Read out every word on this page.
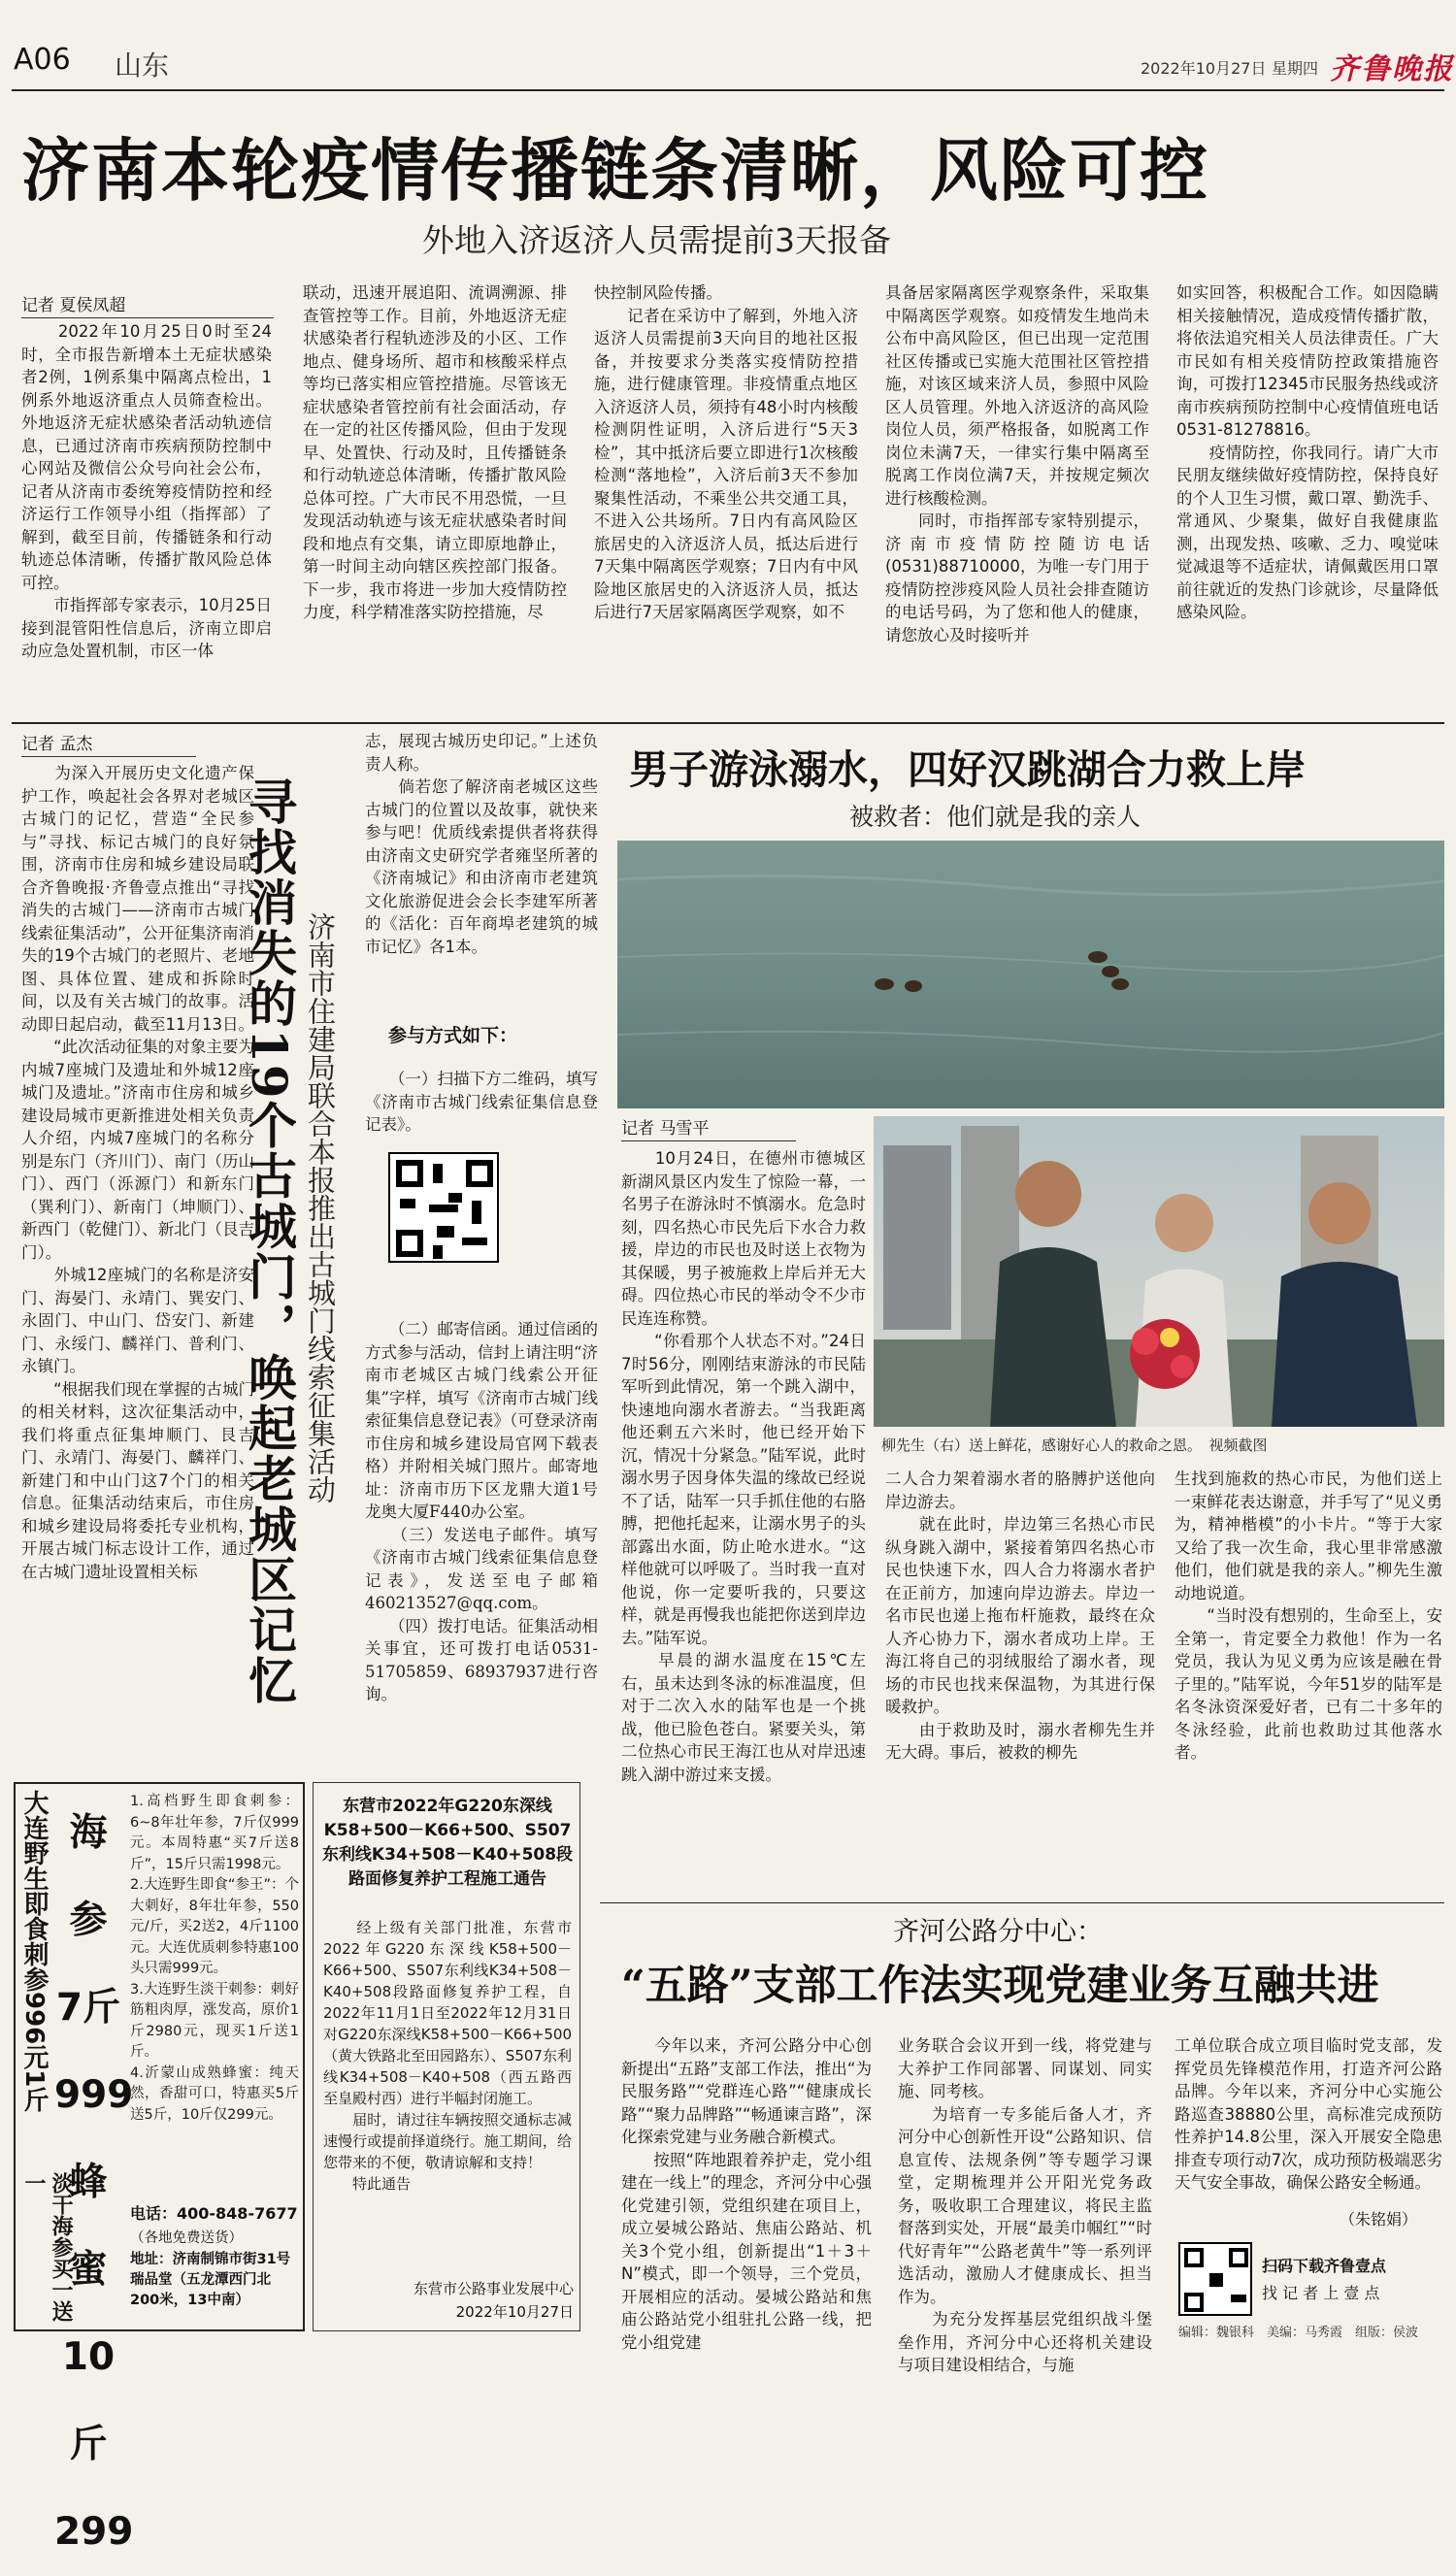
A06 山东	2022年10月27日 星期四 齐鲁晚报
济南本轮疫情传播链条清晰，风险可控
外地入济返济人员需提前3天报备
记者 夏侯凤超
　　2022年10月25日0时至24时，全市报告新增本土无症状感染者2例，1例系集中隔离点检出，1例系外地返济重点人员筛查检出。外地返济无症状感染者活动轨迹信息，已通过济南市疾病预防控制中心网站及微信公众号向社会公布，记者从济南市委统筹疫情防控和经济运行工作领导小组（指挥部）了解到，截至目前，传播链条和行动轨迹总体清晰，传播扩散风险总体可控。
　　市指挥部专家表示，10月25日接到混管阳性信息后，济南立即启动应急处置机制，市区一体
联动，迅速开展追阳、流调溯源、排查管控等工作。目前，外地返济无症状感染者行程轨迹涉及的小区、工作地点、健身场所、超市和核酸采样点等均已落实相应管控措施。尽管该无症状感染者管控前有社会面活动，存在一定的社区传播风险，但由于发现早、处置快、行动及时，且传播链条和行动轨迹总体清晰，传播扩散风险总体可控。广大市民不用恐慌，一旦发现活动轨迹与该无症状感染者时间段和地点有交集，请立即原地静止，第一时间主动向辖区疾控部门报备。下一步，我市将进一步加大疫情防控力度，科学精准落实防控措施，尽
快控制风险传播。
　　记者在采访中了解到，外地入济返济人员需提前3天向目的地社区报备，并按要求分类落实疫情防控措施，进行健康管理。非疫情重点地区入济返济人员，须持有48小时内核酸检测阴性证明，入济后进行“5天3检”，其中抵济后要立即进行1次核酸检测“落地检”，入济后前3天不参加聚集性活动，不乘坐公共交通工具，不进入公共场所。7日内有高风险区旅居史的入济返济人员，抵达后进行7天集中隔离医学观察；7日内有中风险地区旅居史的入济返济人员，抵达后进行7天居家隔离医学观察，如不
具备居家隔离医学观察条件，采取集中隔离医学观察。如疫情发生地尚未公布中高风险区，但已出现一定范围社区传播或已实施大范围社区管控措施，对该区域来济人员，参照中风险区人员管理。外地入济返济的高风险岗位人员，须严格报备，如脱离工作岗位未满7天，一律实行集中隔离至脱离工作岗位满7天，并按规定频次进行核酸检测。
　　同时，市指挥部专家特别提示，济南市疫情防控随访电话(0531)88710000，为唯一专门用于疫情防控涉疫风险人员社会排查随访的电话号码，为了您和他人的健康，请您放心及时接听并
如实回答，积极配合工作。如因隐瞒相关接触情况，造成疫情传播扩散，将依法追究相关人员法律责任。广大市民如有相关疫情防控政策措施咨询，可拨打12345市民服务热线或济南市疾病预防控制中心疫情值班电话0531-81278816。
　　疫情防控，你我同行。请广大市民朋友继续做好疫情防控，保持良好的个人卫生习惯，戴口罩、勤洗手、常通风、少聚集，做好自我健康监测，出现发热、咳嗽、乏力、嗅觉味觉减退等不适症状，请佩戴医用口罩前往就近的发热门诊就诊，尽量降低感染风险。
记者 孟杰
　　为深入开展历史文化遗产保护工作，唤起社会各界对老城区古城门的记忆，营造“全民参与”寻找、标记古城门的良好氛围，济南市住房和城乡建设局联合齐鲁晚报·齐鲁壹点推出“寻找消失的古城门——济南市古城门线索征集活动”，公开征集济南消失的19个古城门的老照片、老地图、具体位置、建成和拆除时间，以及有关古城门的故事。活动即日起启动，截至11月13日。
　　“此次活动征集的对象主要为内城7座城门及遗址和外城12座城门及遗址。”济南市住房和城乡建设局城市更新推进处相关负责人介绍，内城7座城门的名称分别是东门（齐川门）、南门（历山门）、西门（泺源门）和新东门（巽利门）、新南门（坤顺门）、新西门（乾健门）、新北门（艮吉门）。
　　外城12座城门的名称是济安门、海晏门、永靖门、巽安门、永固门、中山门、岱安门、新建门、永绥门、麟祥门、普利门、永镇门。
　　“根据我们现在掌握的古城门的相关材料，这次征集活动中，我们将重点征集坤顺门、艮吉门、永靖门、海晏门、麟祥门、新建门和中山门这7个门的相关信息。征集活动结束后，市住房和城乡建设局将委托专业机构，开展古城门标志设计工作，通过在古城门遗址设置相关标 寻找消失的19个古城门，唤起老城区记忆 济南市住建局联合本报推出古城门线索征集活动
志，展现古城历史印记。”上述负责人称。
　　倘若您了解济南老城区这些古城门的位置以及故事，就快来参与吧！优质线索提供者将获得由济南文史研究学者雍坚所著的《济南城记》和由济南市老建筑文化旅游促进会会长李建军所著的《活化：百年商埠老建筑的城市记忆》各1本。
参与方式如下：
　　（一）扫描下方二维码，填写《济南市古城门线索征集信息登记表》。
　　（二）邮寄信函。通过信函的方式参与活动，信封上请注明“济南市老城区古城门线索公开征集”字样，填写《济南市古城门线索征集信息登记表》（可登录济南市住房和城乡建设局官网下载表格）并附相关城门照片。邮寄地址：济南市历下区龙鼎大道1号龙奥大厦F440办公室。
　　（三）发送电子邮件。填写《济南市古城门线索征集信息登记表》，发送至电子邮箱460213527@qq.com。
　　（四）拨打电话。征集活动相关事宜，还可拨打电话0531-51705859、68937937进行咨询。
男子游泳溺水，四好汉跳湖合力救上岸
被救者：他们就是我的亲人
记者 马雪平
　　10月24日，在德州市德城区新湖风景区内发生了惊险一幕，一名男子在游泳时不慎溺水。危急时刻，四名热心市民先后下水合力救援，岸边的市民也及时送上衣物为其保暖，男子被施救上岸后并无大碍。四位热心市民的举动令不少市民连连称赞。
　　“你看那个人状态不对。”24日7时56分，刚刚结束游泳的市民陆军听到此情况，第一个跳入湖中，快速地向溺水者游去。“当我距离他还剩五六米时，他已经开始下沉，情况十分紧急。”陆军说，此时溺水男子因身体失温的缘故已经说不了话，陆军一只手抓住他的右胳膊，把他托起来，让溺水男子的头部露出水面，防止呛水进水。“这样他就可以呼吸了。当时我一直对他说，你一定要听我的，只要这样，就是再慢我也能把你送到岸边去。”陆军说。
　　早晨的湖水温度在15℃左右，虽未达到冬泳的标准温度，但对于二次入水的陆军也是一个挑战，他已脸色苍白。紧要关头，第二位热心市民王海江也从对岸迅速跳入湖中游过来支援。
柳先生（右）送上鲜花，感谢好心人的救命之恩。　视频截图
二人合力架着溺水者的胳膊护送他向岸边游去。
　　就在此时，岸边第三名热心市民纵身跳入湖中，紧接着第四名热心市民也快速下水，四人合力将溺水者护在正前方，加速向岸边游去。岸边一名市民也递上拖布杆施救，最终在众人齐心协力下，溺水者成功上岸。王海江将自己的羽绒服给了溺水者，现场的市民也找来保温物，为其进行保暖救护。
　　由于救助及时，溺水者柳先生并无大碍。事后，被救的柳先
生找到施救的热心市民，为他们送上一束鲜花表达谢意，并手写了“见义勇为，精神楷模”的小卡片。“等于大家又给了我一次生命，我心里非常感激他们，他们就是我的亲人。”柳先生激动地说道。
　　“当时没有想别的，生命至上，安全第一，肯定要全力救他！作为一名党员，我认为见义勇为应该是融在骨子里的。”陆军说，今年51岁的陆军是名冬泳资深爱好者，已有二十多年的冬泳经验，此前也救助过其他落水者。
大连野生即食刺参996元1斤
淡干海参买一送一
海参
7斤
999
蜂蜜
10斤
299
1.高档野生即食刺参：6~8年壮年参，7斤仅999元。本周特惠“买7斤送8斤”，15斤只需1998元。
2.大连野生即食“参王”：个大刺好，8年壮年参，550元/斤，买2送2，4斤1100元。大连优质刺参特惠100头只需999元。
3.大连野生淡干刺参：刺好筋粗肉厚，涨发高，原价1斤2980元，现买1斤送1斤。
4.沂蒙山成熟蜂蜜：纯天然，香甜可口，特惠买5斤送5斤，10斤仅299元。
电话：400-848-7677
（各地免费送货）
地址：济南制锦市街31号瑞品堂（五龙潭西门北200米，13中南）
东营市2022年G220东深线K58+500－K66+500、S507东利线K34+508－K40+508段路面修复养护工程施工通告
　　经上级有关部门批准，东营市2022年G220东深线K58+500－K66+500、S507东利线K34+508－K40+508段路面修复养护工程，自2022年11月1日至2022年12月31日对G220东深线K58+500－K66+500（黄大铁路北至田园路东）、S507东利线K34+508－K40+508（西五路西至皇殿村西）进行半幅封闭施工。
　　届时，请过往车辆按照交通标志减速慢行或提前择道绕行。施工期间，给您带来的不便，敬请谅解和支持！
　　特此通告
东营市公路事业发展中心
2022年10月27日
齐河公路分中心：
“五路”支部工作法实现党建业务互融共进
　　今年以来，齐河公路分中心创新提出“五路”支部工作法，推出“为民服务路”“党群连心路”“健康成长路”“聚力品牌路”“畅通谏言路”，深化探索党建与业务融合新模式。
　　按照“阵地跟着养护走，党小组建在一线上”的理念，齐河分中心强化党建引领，党组织建在项目上，成立晏城公路站、焦庙公路站、机关3个党小组，创新提出“1＋3＋N”模式，即一个领导，三个党员，开展相应的活动。晏城公路站和焦庙公路站党小组驻扎公路一线，把党小组党建
业务联合会议开到一线，将党建与大养护工作同部署、同谋划、同实施、同考核。
　　为培育一专多能后备人才，齐河分中心创新性开设“公路知识、信息宣传、法规条例”等专题学习课堂，定期梳理并公开阳光党务政务，吸收职工合理建议，将民主监督落到实处，开展“最美巾帼红”“时代好青年”“公路老黄牛”等一系列评选活动，激励人才健康成长、担当作为。
　　为充分发挥基层党组织战斗堡垒作用，齐河分中心还将机关建设与项目建设相结合，与施
工单位联合成立项目临时党支部，发挥党员先锋模范作用，打造齐河公路品牌。今年以来，齐河分中心实施公路巡查38880公里，高标准完成预防性养护14.8公里，深入开展安全隐患排查专项行动7次，成功预防极端恶劣天气安全事故，确保公路安全畅通。
（朱铭娟）
扫码下载齐鲁壹点
找 记 者 上 壹 点
编辑：魏银科　美编：马秀霞　组版：侯波
